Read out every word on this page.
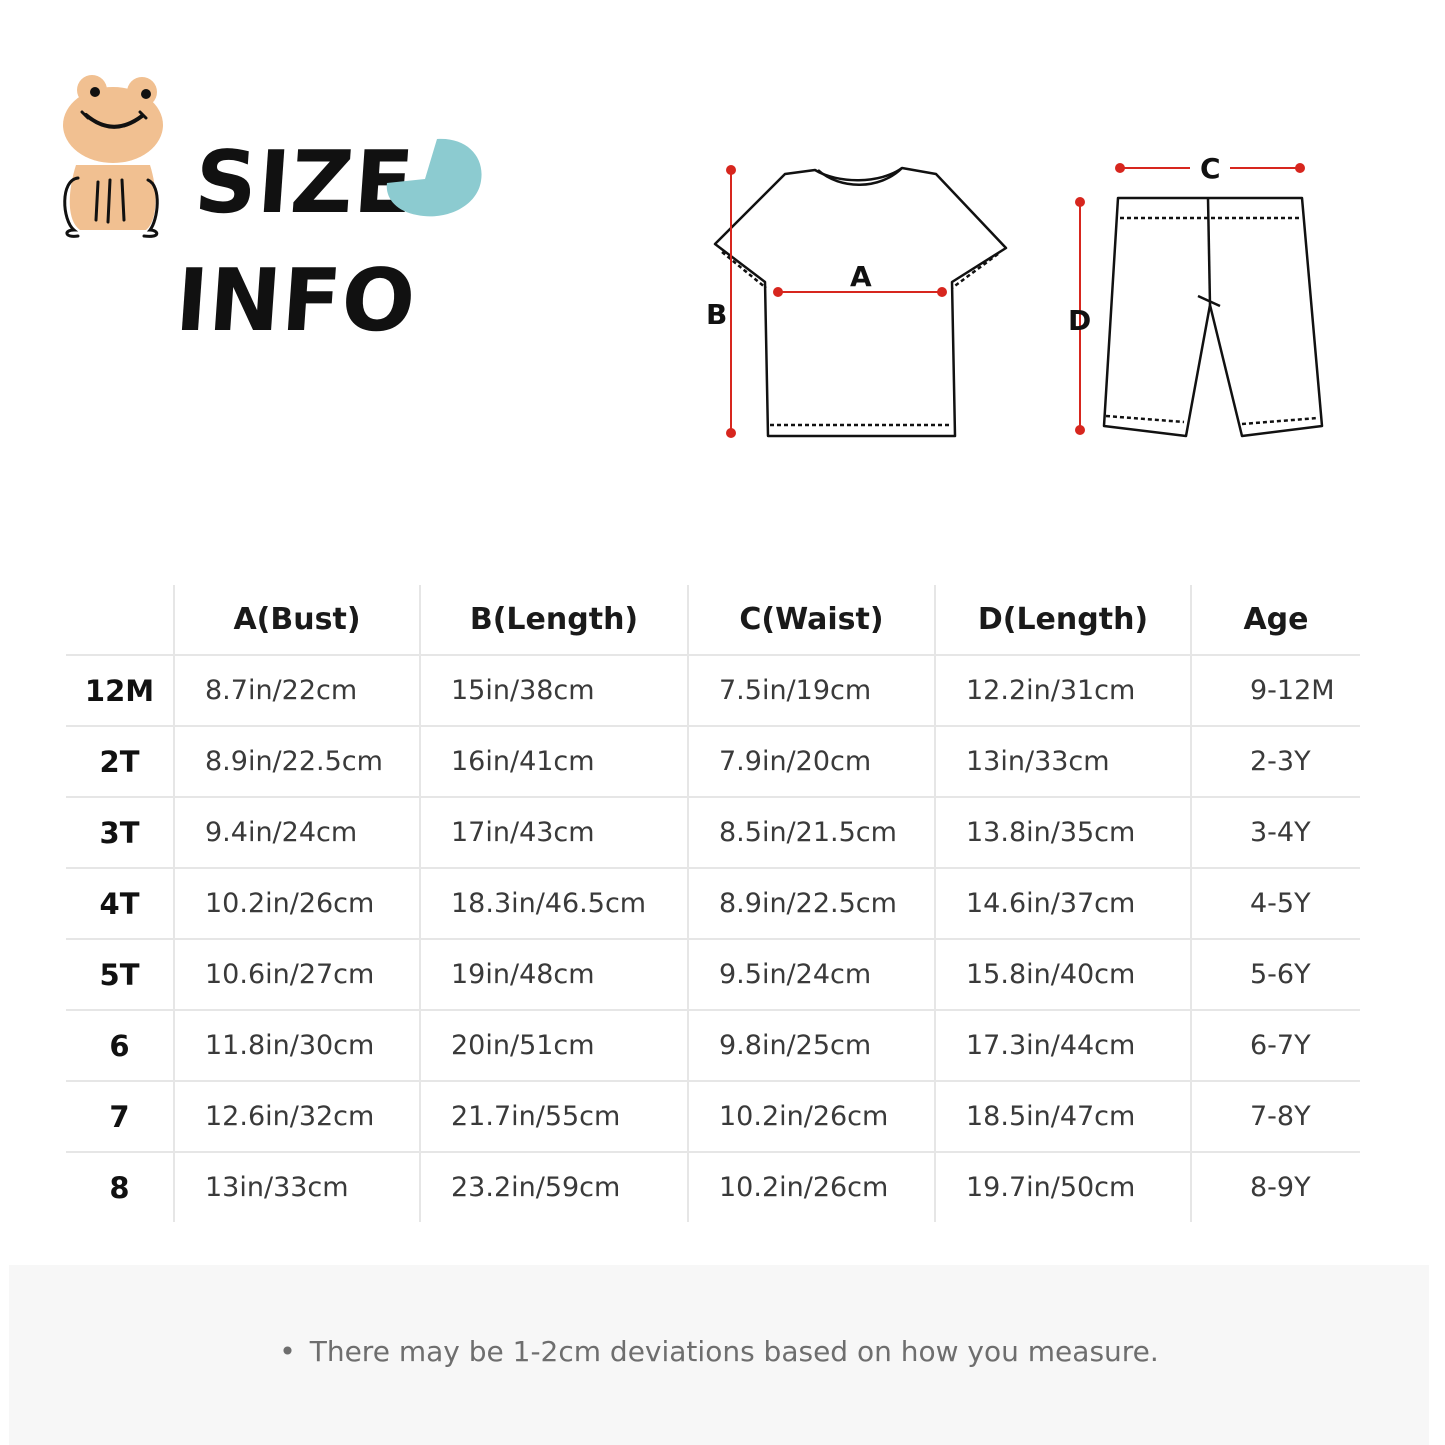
SIZE
INFO	B
A
C
D
	A(Bust)	B(Length)	C(Waist)	D(Length)	Age
12M	8.7in/22cm	15in/38cm	7.5in/19cm	12.2in/31cm	9-12M
2T	8.9in/22.5cm	16in/41cm	7.9in/20cm	13in/33cm	2-3Y
3T	9.4in/24cm	17in/43cm	8.5in/21.5cm	13.8in/35cm	3-4Y
4T	10.2in/26cm	18.3in/46.5cm	8.9in/22.5cm	14.6in/37cm	4-5Y
5T	10.6in/27cm	19in/48cm	9.5in/24cm	15.8in/40cm	5-6Y
6	11.8in/30cm	20in/51cm	9.8in/25cm	17.3in/44cm	6-7Y
7	12.6in/32cm	21.7in/55cm	10.2in/26cm	18.5in/47cm	7-8Y
8	13in/33cm	23.2in/59cm	10.2in/26cm	19.7in/50cm	8-9Y
• There may be 1-2cm deviations based on how you measure.
